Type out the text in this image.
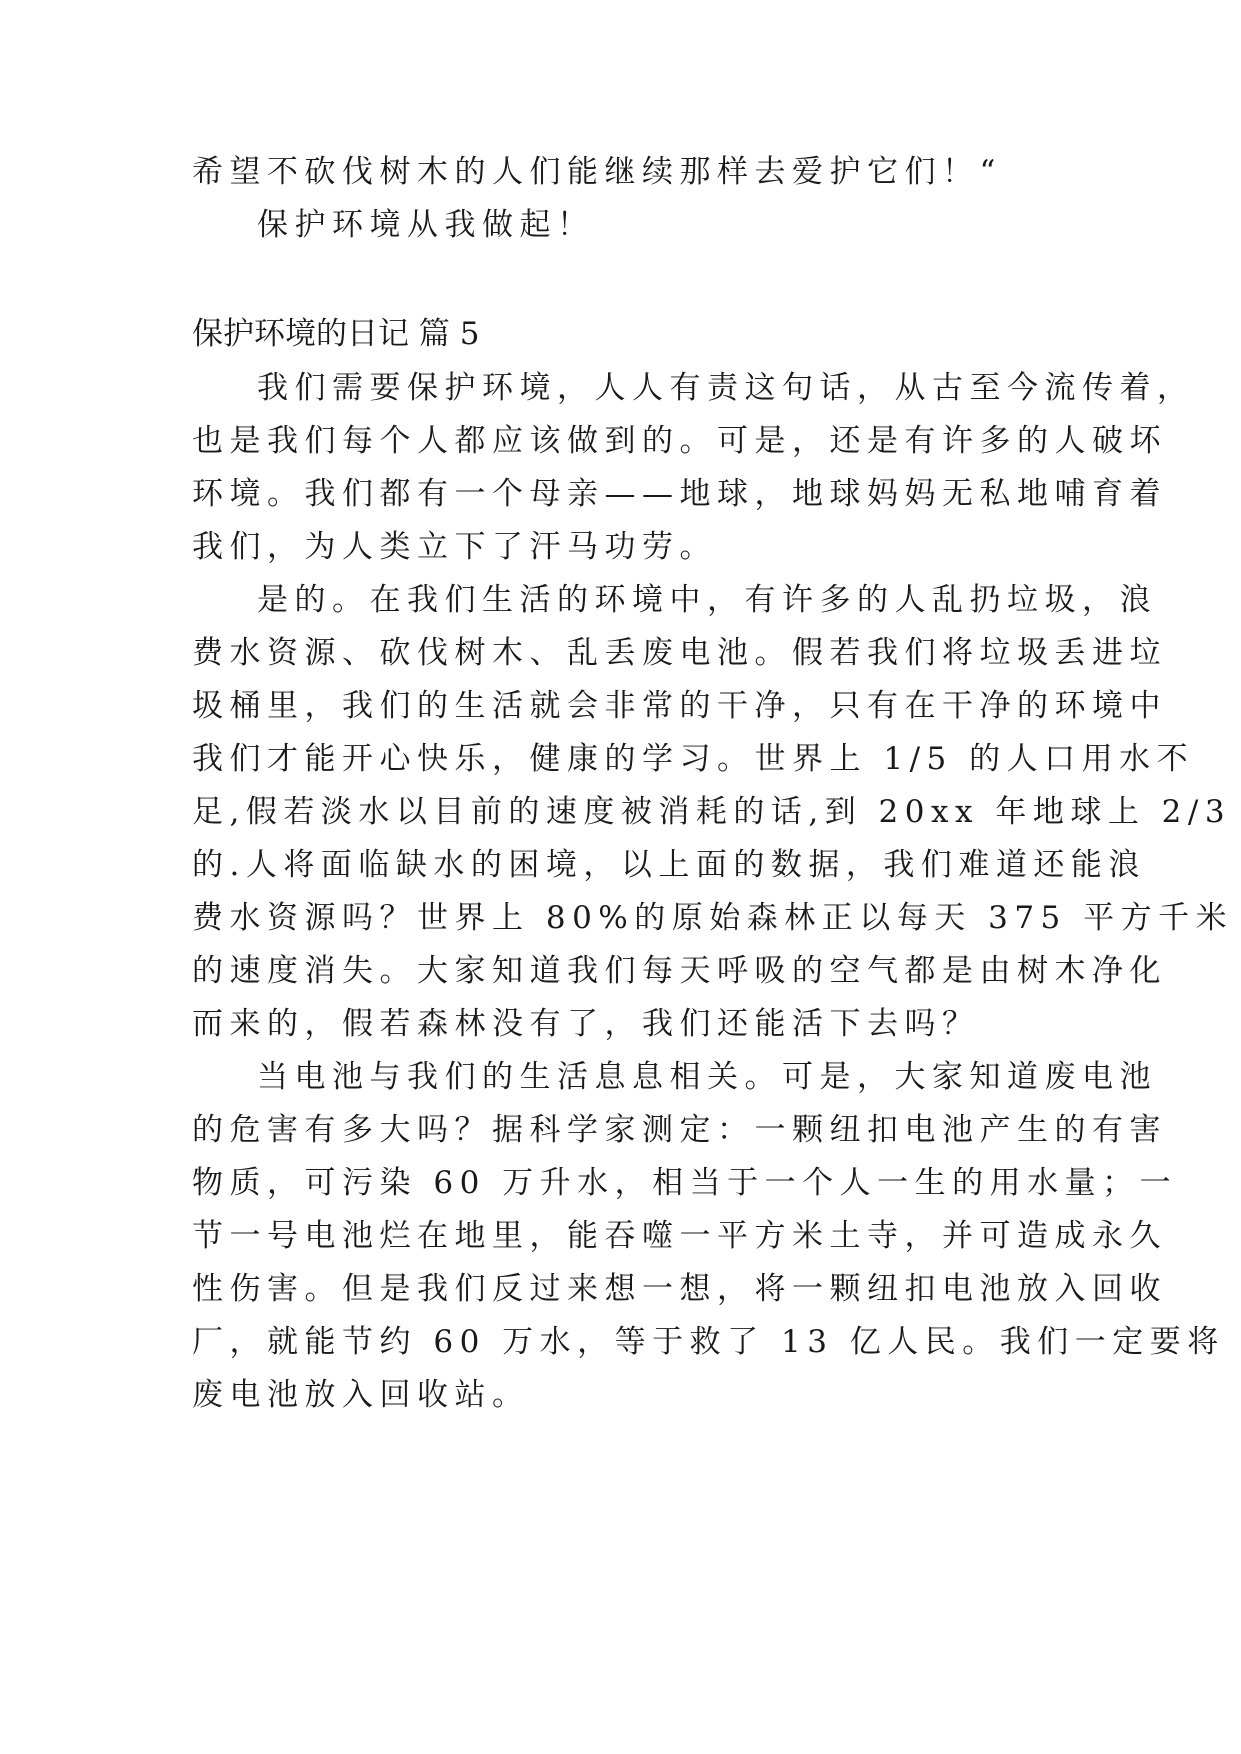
希望不砍伐树木的人们能继续那样去爱护它们！“
保护环境从我做起！
保护环境的日记 篇 5
我们需要保护环境，人人有责这句话，从古至今流传着，
也是我们每个人都应该做到的。可是，还是有许多的人破坏
环境。我们都有一个母亲——地球，地球妈妈无私地哺育着
我们，为人类立下了汗马功劳。
是的。在我们生活的环境中，有许多的人乱扔垃圾，浪
费水资源、砍伐树木、乱丢废电池。假若我们将垃圾丢进垃
圾桶里，我们的生活就会非常的干净，只有在干净的环境中
我们才能开心快乐，健康的学习。世界上 1/5 的人口用水不
足,假若淡水以目前的速度被消耗的话,到 20xx 年地球上 2/3
的.人将面临缺水的困境，以上面的数据，我们难道还能浪
费水资源吗？世界上 80%的原始森林正以每天 375 平方千米
的速度消失。大家知道我们每天呼吸的空气都是由树木净化
而来的，假若森林没有了，我们还能活下去吗？
当电池与我们的生活息息相关。可是，大家知道废电池
的危害有多大吗？据科学家测定：一颗纽扣电池产生的有害
物质，可污染 60 万升水，相当于一个人一生的用水量；一
节一号电池烂在地里，能吞噬一平方米土寺，并可造成永久
性伤害。但是我们反过来想一想，将一颗纽扣电池放入回收
厂，就能节约 60 万水，等于救了 13 亿人民。我们一定要将
废电池放入回收站。
